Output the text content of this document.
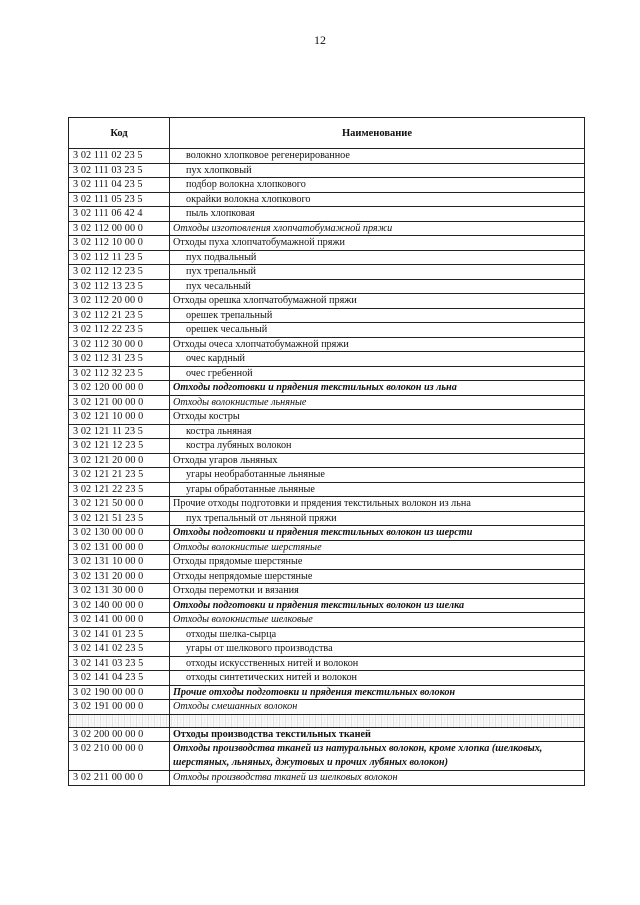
12
Код	Наименование
3 02 111 02 23 5	волокно хлопковое регенерированное
3 02 111 03 23 5	пух хлопковый
3 02 111 04 23 5	подбор волокна хлопкового
3 02 111 05 23 5	окрайки волокна хлопкового
3 02 111 06 42 4	пыль хлопковая
3 02 112 00 00 0	Отходы изготовления хлопчатобумажной пряжи
3 02 112 10 00 0	Отходы пуха хлопчатобумажной пряжи
3 02 112 11 23 5	пух подвальный
3 02 112 12 23 5	пух трепальный
3 02 112 13 23 5	пух чесальный
3 02 112 20 00 0	Отходы орешка хлопчатобумажной пряжи
3 02 112 21 23 5	орешек трепальный
3 02 112 22 23 5	орешек чесальный
3 02 112 30 00 0	Отходы очеса хлопчатобумажной пряжи
3 02 112 31 23 5	очес кардный
3 02 112 32 23 5	очес гребенной
3 02 120 00 00 0	Отходы подготовки и прядения текстильных волокон из льна
3 02 121 00 00 0	Отходы волокнистые льняные
3 02 121 10 00 0	Отходы костры
3 02 121 11 23 5	костра льняная
3 02 121 12 23 5	костра лубяных волокон
3 02 121 20 00 0	Отходы угаров льняных
3 02 121 21 23 5	угары необработанные льняные
3 02 121 22 23 5	угары обработанные льняные
3 02 121 50 00 0	Прочие отходы подготовки и прядения текстильных волокон из льна
3 02 121 51 23 5	пух трепальный от льняной пряжи
3 02 130 00 00 0	Отходы подготовки и прядения текстильных волокон из шерсти
3 02 131 00 00 0	Отходы волокнистые шерстяные
3 02 131 10 00 0	Отходы прядомые шерстяные
3 02 131 20 00 0	Отходы непрядомые шерстяные
3 02 131 30 00 0	Отходы перемотки и вязания
3 02 140 00 00 0	Отходы подготовки и прядения текстильных волокон из шелка
3 02 141 00 00 0	Отходы волокнистые шелковые
3 02 141 01 23 5	отходы шелка-сырца
3 02 141 02 23 5	угары от шелкового производства
3 02 141 03 23 5	отходы искусственных нитей и волокон
3 02 141 04 23 5	отходы синтетических нитей и волокон
3 02 190 00 00 0	Прочие отходы подготовки и прядения текстильных волокон
3 02 191 00 00 0	Отходы смешанных волокон

3 02 200 00 00 0	Отходы производства текстильных тканей
3 02 210 00 00 0	Отходы производства тканей из натуральных волокон, кроме хлопка (шелковых, шерстяных, льняных, джутовых и прочих лубяных волокон)
3 02 211 00 00 0	Отходы производства тканей из шелковых волокон
